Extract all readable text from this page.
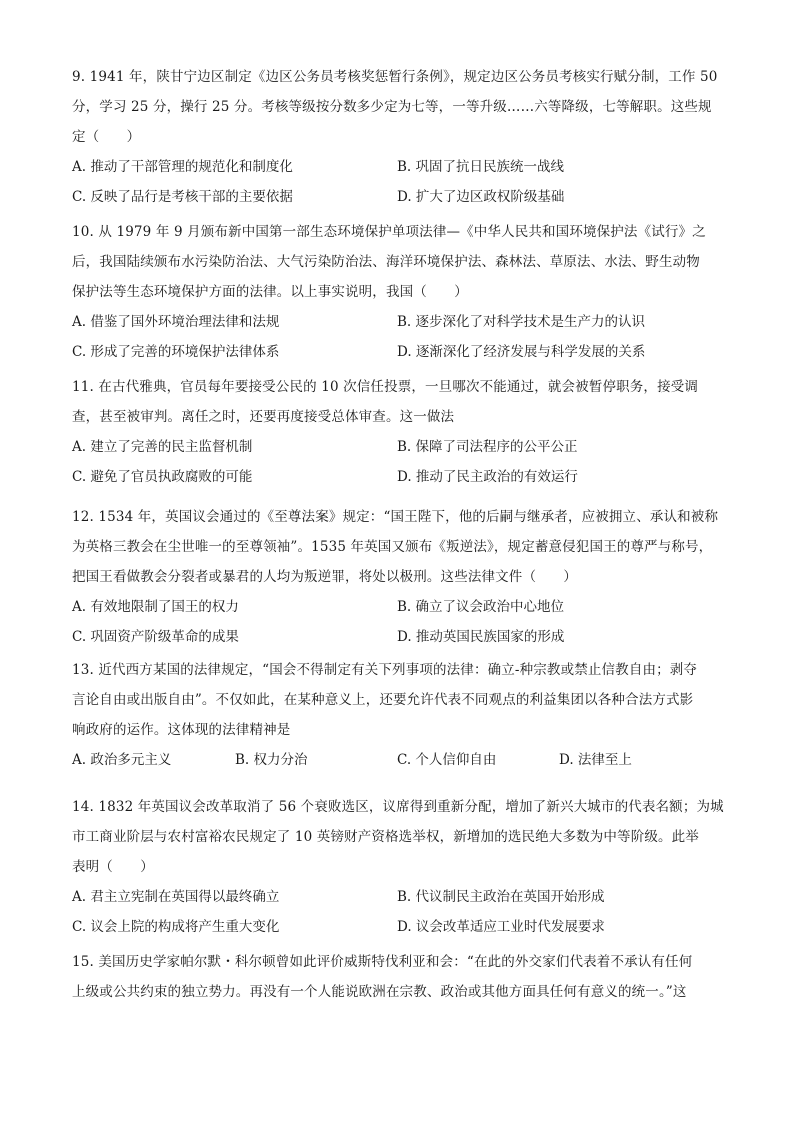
9. 1941 年，陕甘宁边区制定《边区公务员考核奖惩暂行条例》，规定边区公务员考核实行赋分制，工作 50
分，学习 25 分，操行 25 分。考核等级按分数多少定为七等，一等升级……六等降级，七等解职。这些规
定（　　）
A. 推动了干部管理的规范化和制度化	B. 巩固了抗日民族统一战线
C. 反映了品行是考核干部的主要依据	D. 扩大了边区政权阶级基础
10. 从 1979 年 9 月颁布新中国第一部生态环境保护单项法律—《中华人民共和国环境保护法《试行》之
后，我国陆续颁布水污染防治法、大气污染防治法、海洋环境保护法、森林法、草原法、水法、野生动物
保护法等生态环境保护方面的法律。以上事实说明，我国（　　）
A. 借鉴了国外环境治理法律和法规	B. 逐步深化了对科学技术是生产力的认识
C. 形成了完善的环境保护法律体系	D. 逐渐深化了经济发展与科学发展的关系
11. 在古代雅典，官员每年要接受公民的 10 次信任投票，一旦哪次不能通过，就会被暂停职务，接受调
查，甚至被审判。离任之时，还要再度接受总体审查。这一做法
A. 建立了完善的民主监督机制	B. 保障了司法程序的公平公正
C. 避免了官员执政腐败的可能	D. 推动了民主政治的有效运行
12. 1534 年，英国议会通过的《至尊法案》规定：“国王陛下，他的后嗣与继承者，应被拥立、承认和被称
为英格三教会在尘世唯一的至尊领袖”。1535 年英国又颁布《叛逆法》，规定蓄意侵犯国王的尊严与称号，
把国王看做教会分裂者或暴君的人均为叛逆罪，将处以极刑。这些法律文件（　　）
A. 有效地限制了国王的权力	B. 确立了议会政治中心地位
C. 巩固资产阶级革命的成果	D. 推动英国民族国家的形成
13. 近代西方某国的法律规定，“国会不得制定有关下列事项的法律：确立-种宗教或禁止信教自由；剥夺
言论自由或出版自由”。不仅如此，在某种意义上，还要允许代表不同观点的利益集团以各种合法方式影
响政府的运作。这体现的法律精神是
A. 政治多元主义	B. 权力分治	C. 个人信仰自由	D. 法律至上
14. 1832 年英国议会改革取消了 56 个衰败选区，议席得到重新分配，增加了新兴大城市的代表名额；为城
市工商业阶层与农村富裕农民规定了 10 英镑财产资格选举权，新增加的选民绝大多数为中等阶级。此举
表明（　　）
A. 君主立宪制在英国得以最终确立	B. 代议制民主政治在英国开始形成
C. 议会上院的构成将产生重大变化	D. 议会改革适应工业时代发展要求
15. 美国历史学家帕尔默・科尔顿曾如此评价威斯特伐利亚和会：“在此的外交家们代表着不承认有任何
上级或公共约束的独立势力。再没有一个人能说欧洲在宗教、政治或其他方面具任何有意义的统一。”这
